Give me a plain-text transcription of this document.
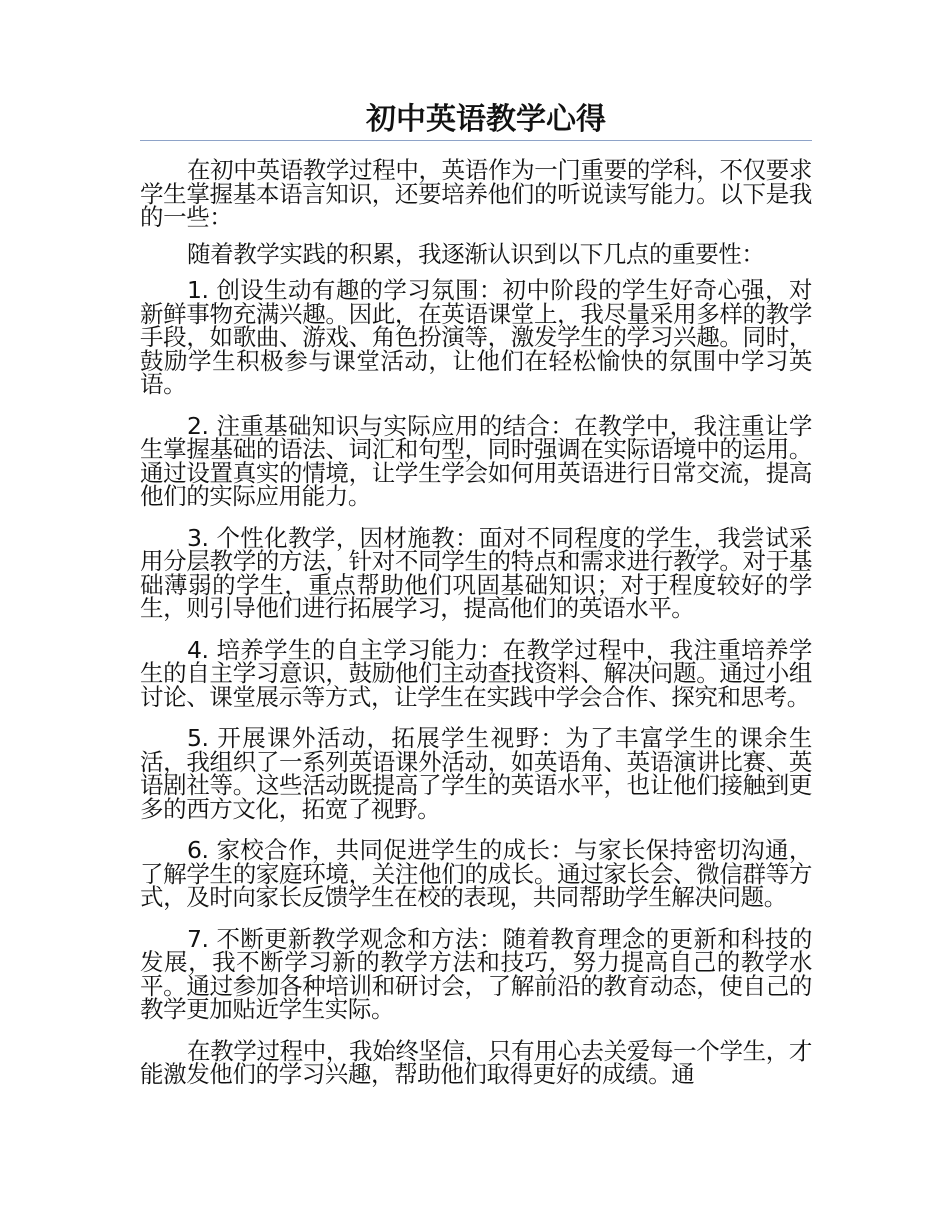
初中英语教学心得

在初中英语教学过程中，英语作为一门重要的学科，不仅要求学生掌握基本语言知识，还要培养他们的听说读写能力。以下是我的一些：

随着教学实践的积累，我逐渐认识到以下几点的重要性：

1. 创设生动有趣的学习氛围：初中阶段的学生好奇心强，对新鲜事物充满兴趣。因此，在英语课堂上，我尽量采用多样的教学手段，如歌曲、游戏、角色扮演等，激发学生的学习兴趣。同时，鼓励学生积极参与课堂活动，让他们在轻松愉快的氛围中学习英语。

2. 注重基础知识与实际应用的结合：在教学中，我注重让学生掌握基础的语法、词汇和句型，同时强调在实际语境中的运用。通过设置真实的情境，让学生学会如何用英语进行日常交流，提高他们的实际应用能力。

3. 个性化教学，因材施教：面对不同程度的学生，我尝试采用分层教学的方法，针对不同学生的特点和需求进行教学。对于基础薄弱的学生，重点帮助他们巩固基础知识；对于程度较好的学生，则引导他们进行拓展学习，提高他们的英语水平。

4. 培养学生的自主学习能力：在教学过程中，我注重培养学生的自主学习意识，鼓励他们主动查找资料、解决问题。通过小组讨论、课堂展示等方式，让学生在实践中学会合作、探究和思考。

5. 开展课外活动，拓展学生视野：为了丰富学生的课余生活，我组织了一系列英语课外活动，如英语角、英语演讲比赛、英语剧社等。这些活动既提高了学生的英语水平，也让他们接触到更多的西方文化，拓宽了视野。

6. 家校合作，共同促进学生的成长：与家长保持密切沟通，了解学生的家庭环境，关注他们的成长。通过家长会、微信群等方式，及时向家长反馈学生在校的表现，共同帮助学生解决问题。

7. 不断更新教学观念和方法：随着教育理念的更新和科技的发展，我不断学习新的教学方法和技巧，努力提高自己的教学水平。通过参加各种培训和研讨会，了解前沿的教育动态，使自己的教学更加贴近学生实际。

在教学过程中，我始终坚信，只有用心去关爱每一个学生，才能激发他们的学习兴趣，帮助他们取得更好的成绩。通
